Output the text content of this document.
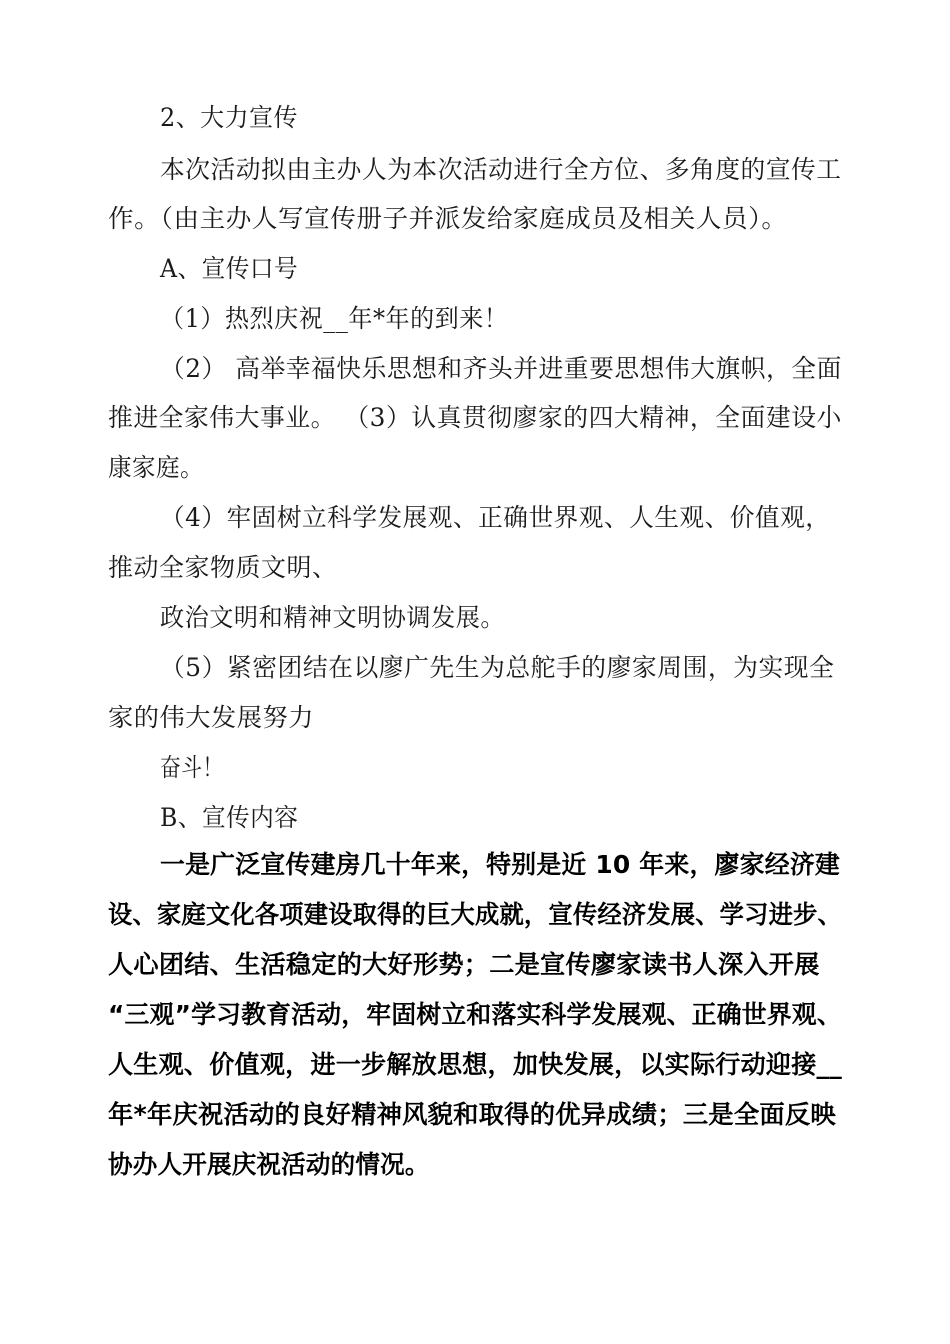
2、大力宣传
本次活动拟由主办人为本次活动进行全方位、多角度的宣传工
作。（由主办人写宣传册子并派发给家庭成员及相关人员）。
A、宣传口号
（1）热烈庆祝__年*年的到来！
（2） 高举幸福快乐思想和齐头并进重要思想伟大旗帜，全面
推进全家伟大事业。 （3）认真贯彻廖家的四大精神，全面建设小
康家庭。
（4）牢固树立科学发展观、正确世界观、人生观、价值观，
推动全家物质文明、
政治文明和精神文明协调发展。
（5）紧密团结在以廖广先生为总舵手的廖家周围，为实现全
家的伟大发展努力
奋斗！
B、宣传内容
一是广泛宣传建房几十年来，特别是近 10 年来，廖家经济建
设、家庭文化各项建设取得的巨大成就，宣传经济发展、学习进步、
人心团结、生活稳定的大好形势；二是宣传廖家读书人深入开展
“三观”学习教育活动，牢固树立和落实科学发展观、正确世界观、
人生观、价值观，进一步解放思想，加快发展，以实际行动迎接__
年*年庆祝活动的良好精神风貌和取得的优异成绩；三是全面反映
协办人开展庆祝活动的情况。
